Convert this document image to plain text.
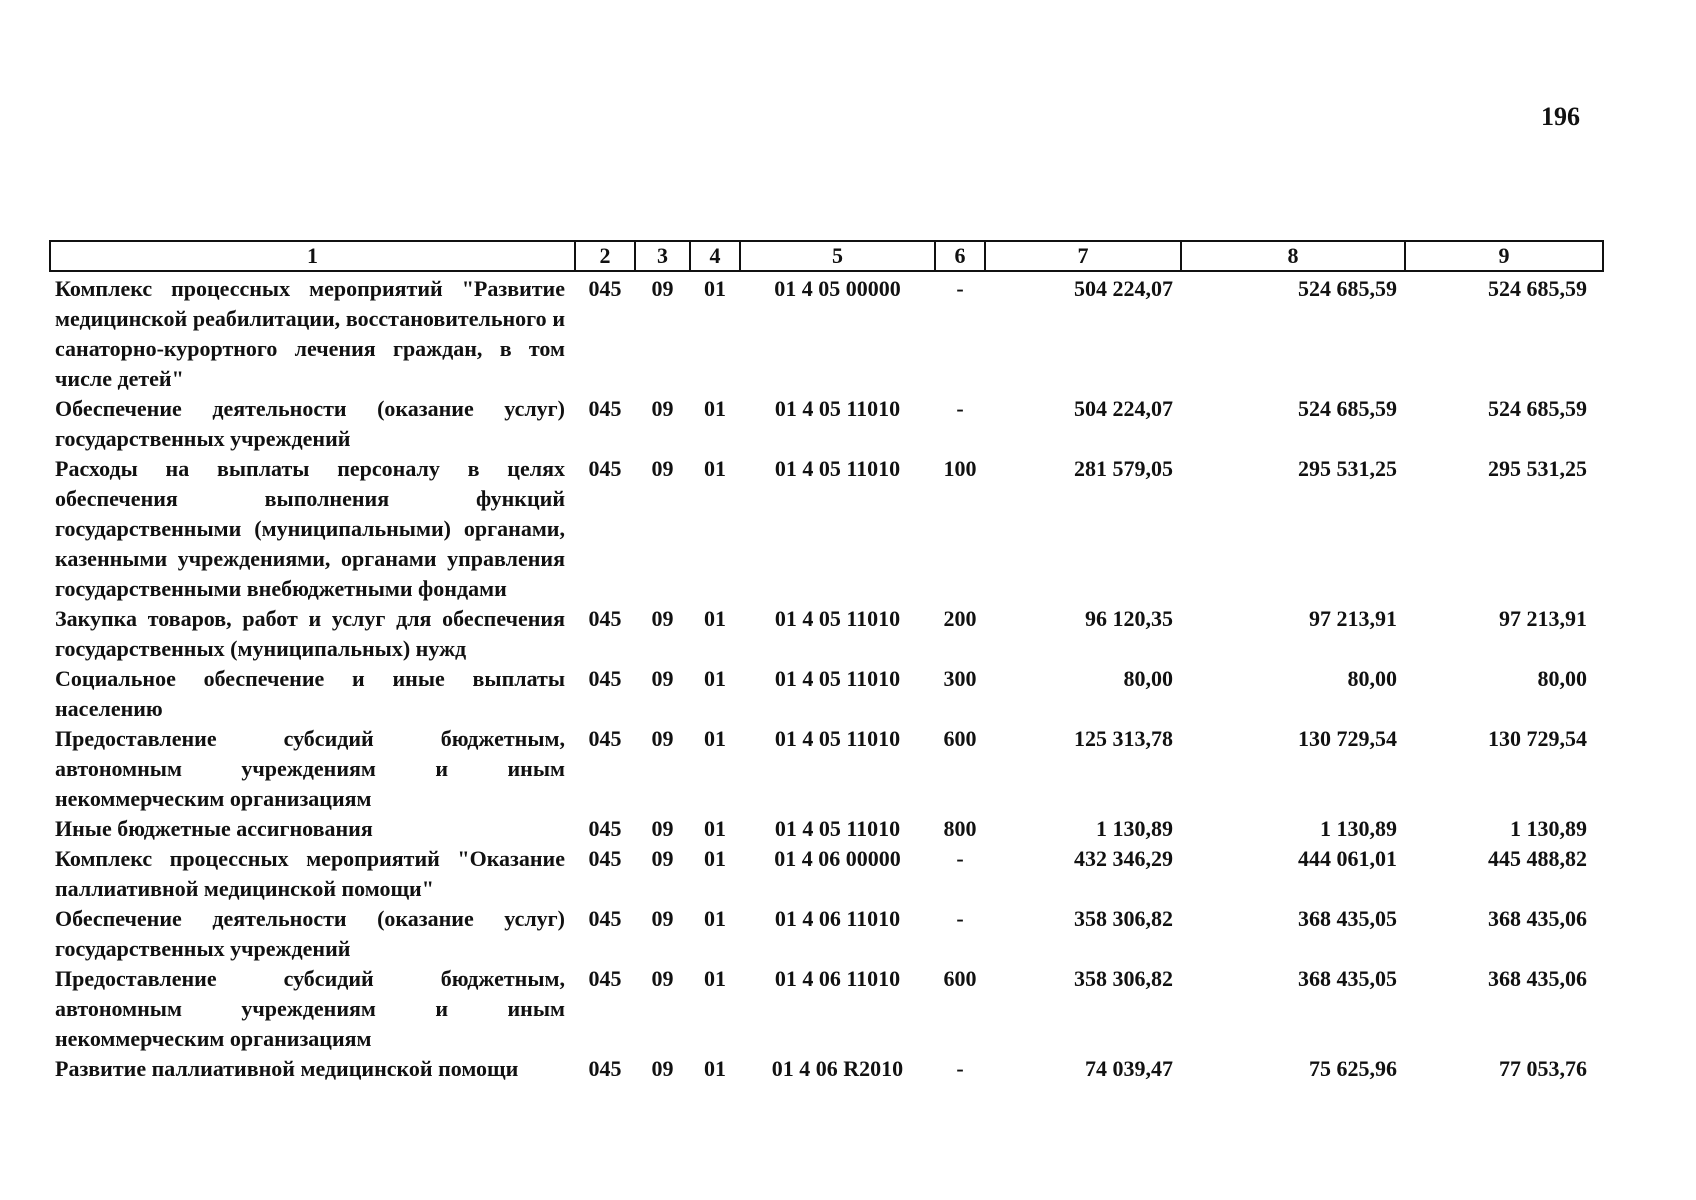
196
1	2	3	4	5	6	7	8	9
Комплекс процессных мероприятий "Развитие медицинской реабилитации, восстановительного и санаторно-курортного лечения граждан, в том числе детей"	045	09	01	01 4 05 00000	-	504 224,07	524 685,59	524 685,59
Обеспечение деятельности (оказание услуг) государственных учреждений	045	09	01	01 4 05 11010	-	504 224,07	524 685,59	524 685,59
Расходы на выплаты персоналу в целях обеспечения выполнения функций государственными (муниципальными) органами, казенными учреждениями, органами управления государственными внебюджетными фондами	045	09	01	01 4 05 11010	100	281 579,05	295 531,25	295 531,25
Закупка товаров, работ и услуг для обеспечения государственных (муниципальных) нужд	045	09	01	01 4 05 11010	200	96 120,35	97 213,91	97 213,91
Социальное обеспечение и иные выплаты населению	045	09	01	01 4 05 11010	300	80,00	80,00	80,00
Предоставление субсидий бюджетным, автономным учреждениям и иным некоммерческим организациям	045	09	01	01 4 05 11010	600	125 313,78	130 729,54	130 729,54
Иные бюджетные ассигнования	045	09	01	01 4 05 11010	800	1 130,89	1 130,89	1 130,89
Комплекс процессных мероприятий "Оказание паллиативной медицинской помощи"	045	09	01	01 4 06 00000	-	432 346,29	444 061,01	445 488,82
Обеспечение деятельности (оказание услуг) государственных учреждений	045	09	01	01 4 06 11010	-	358 306,82	368 435,05	368 435,06
Предоставление субсидий бюджетным, автономным учреждениям и иным некоммерческим организациям	045	09	01	01 4 06 11010	600	358 306,82	368 435,05	368 435,06
Развитие паллиативной медицинской помощи	045	09	01	01 4 06 R2010	-	74 039,47	75 625,96	77 053,76
